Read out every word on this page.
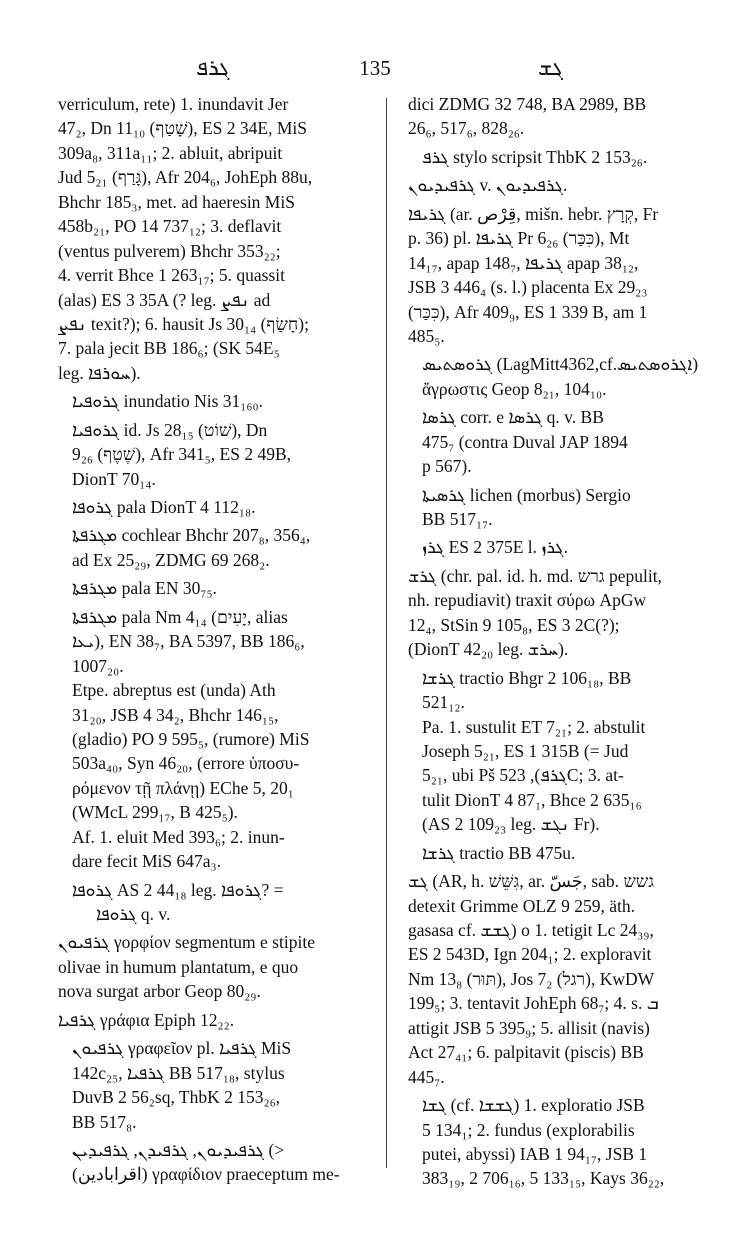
ܓܪܦ	135	ܓܫ
verriculum, rete) 1. inundavit Jer
47₂, Dn 11₁₀ (שָׁטַף), ES 2 34E, MiS
309a₈, 311a₁₁; 2. abluit, abripuit
Jud 5₂₁ (גָּרַף), Afr 204₆, JohEph 88u,
Bhchr 185₃, met. ad haeresin MiS
458b₂₁, PO 14 737₁₂; 3. deflavit
(ventus pulverem) Bhchr 353₂₂;
4. verrit Bhce 1 263₁₇; 5. quassit
(alas) ES 3 35A (? leg. ܢܦܨ ad
ܢܦܨ texit?); 6. hausit Js 30₁₄ (חָשַׂף);
7. pala jecit BB 186₆; (SK 54E₅
leg. ܚܘܪܦܐ).
ܓܪܘܦܝܐ inundatio Nis 31₁₆₀.
ܓܪܘܦܝܐ id. Js 28₁₅ (שׁוֹט), Dn
9₂₆ (שֶׁטֶף), Afr 341₅, ES 2 49B,
DionT 70₁₄.
ܓܪܘܦܐ pala DionT 4 112₁₈.
ܡܓܪܦܬܐ cochlear Bhchr 207₈, 356₄,
ad Ex 25₂₉, ZDMG 69 268₂.
ܡܓܪܦܬܐ pala EN 30₇₅.
ܡܓܪܦܬܐ pala Nm 4₁₄ (יָעִים, alias
ܝܥܐ), EN 38₇, BA 5397, BB 186₆,
1007₂₀.
Etpe. abreptus est (unda) Ath
31₂₀, JSB 4 34₂, Bhchr 146₁₅,
(gladio) PO 9 595₅, (rumore) MiS
503a₄₀, Syn 46₂₀, (errore ὑποσυ-
ρόμενον τῇ πλάνῃ) EChe 5, 20₁
(WMcL 299₁₇, B 425₅).
Af. 1. eluit Med 393₆; 2. inun-
dare fecit MiS 647a₃.
ܓܪܘܦܐ AS 2 44₁₈ leg. ܓܪܘܦܐ? =
ܓܪܘܦܐ q. v.
ܓܪܦܝܘܢ γορφίον segmentum e stipite
olivae in humum plantatum, e quo
nova surgat arbor Geop 80₂₉.
ܓܪܦܝܐ γράφια Epiph 12₂₂.
ܓܪܦܝܘܢ γραφεῖον pl. ܓܪܦܝܐ MiS
142c₂₅, ܓܪܦܝܐ BB 517₁₈, stylus
DuvB 2 56₂sq, ThbK 2 153₂₆,
BB 517₈.
ܓܪܦܝܕܝܘܢ, ܓܪܦܝܕܢ, ܓܪܦܝܕܝܢ (>
(اقرابادين) γραφίδιον praeceptum me-
dici ZDMG 32 748, BA 2989, BB
26₆, 517₆, 828₂₆.
ܓܪܦ stylo scripsit ThbK 2 153₂₆.
ܓܪܦܝܕܝܘܢ v. ܓܪܦܝܕܝܘܢ.
ܓܪܝܦܐ (ar. قِرْص, mišn. hebr. קְרָץ, Fr
p. 36) pl. ܓܪܝܦܐ Pr 6₂₆ (כִּכַּר), Mt
14₁₇, apap 148₇, ܓܪܝܦܐ apap 38₁₂,
JSB 3 446₄ (s. l.) placenta Ex 29₂₃
(כִּכַּר), Afr 409₉, ES 1 339 B, am 1
485₅.
ܓܪܘܣܬܝܣ (LagMitt4362,cf.ܐܓܪܘܣܬܝܣ)
ἄγρωστις Geop 8₂₁, 104₁₀.
ܓܪܣܐ corr. e ܓܪܣܐ q. v. BB
475₇ (contra Duval JAP 1894
p 567).
ܓܪܣܝܬܐ lichen (morbus) Sergio
BB 517₁₇.
ܓܪܙ ES 2 375E l. ܓܪܙ.
ܓܪܫ (chr. pal. id. h. md. גרש pepulit,
nh. repudiavit) traxit σύρω ApGw
12₄, StSin 9 105₈, ES 3 2C(?);
(DionT 42₂₀ leg. ܚܪܫ).
ܓܪܫܐ tractio Bhgr 2 106₁₈, BB
521₁₂.
Pa. 1. sustulit ET 7₂₁; 2. abstulit
Joseph 5₂₁, ES 1 315B (= Jud
5₂₁, ubi Pš ܓܪܦ), 523C; 3. at-
tulit DionT 4 87₁, Bhce 2 635₁₆
(AS 2 109₂₃ leg. ܢܓܫ Fr).
ܓܪܫܐ tractio BB 475u.
ܓܫ (AR, h. גִּשֵּׁשׁ, ar. جَسّ, sab. גשש
detexit Grimme OLZ 9 259, äth.
gasasa cf. ܓܫܫ) o 1. tetigit Lc 24₃₉,
ES 2 543D, Ign 204₁; 2. exploravit
Nm 13₈ (תּוּר), Jos 7₂ (רגל), KwDW
199₅; 3. tentavit JohEph 68₇; 4. s. ܒ
attigit JSB 5 395₉; 5. allisit (navis)
Act 27₄₁; 6. palpitavit (piscis) BB
445₇.
ܓܫܐ (cf. ܓܫܫܐ) 1. exploratio JSB
5 134₁; 2. fundus (explorabilis
putei, abyssi) IAB 1 94₁₇, JSB 1
383₁₉, 2 706₁₆, 5 133₁₅, Kays 36₂₂,
